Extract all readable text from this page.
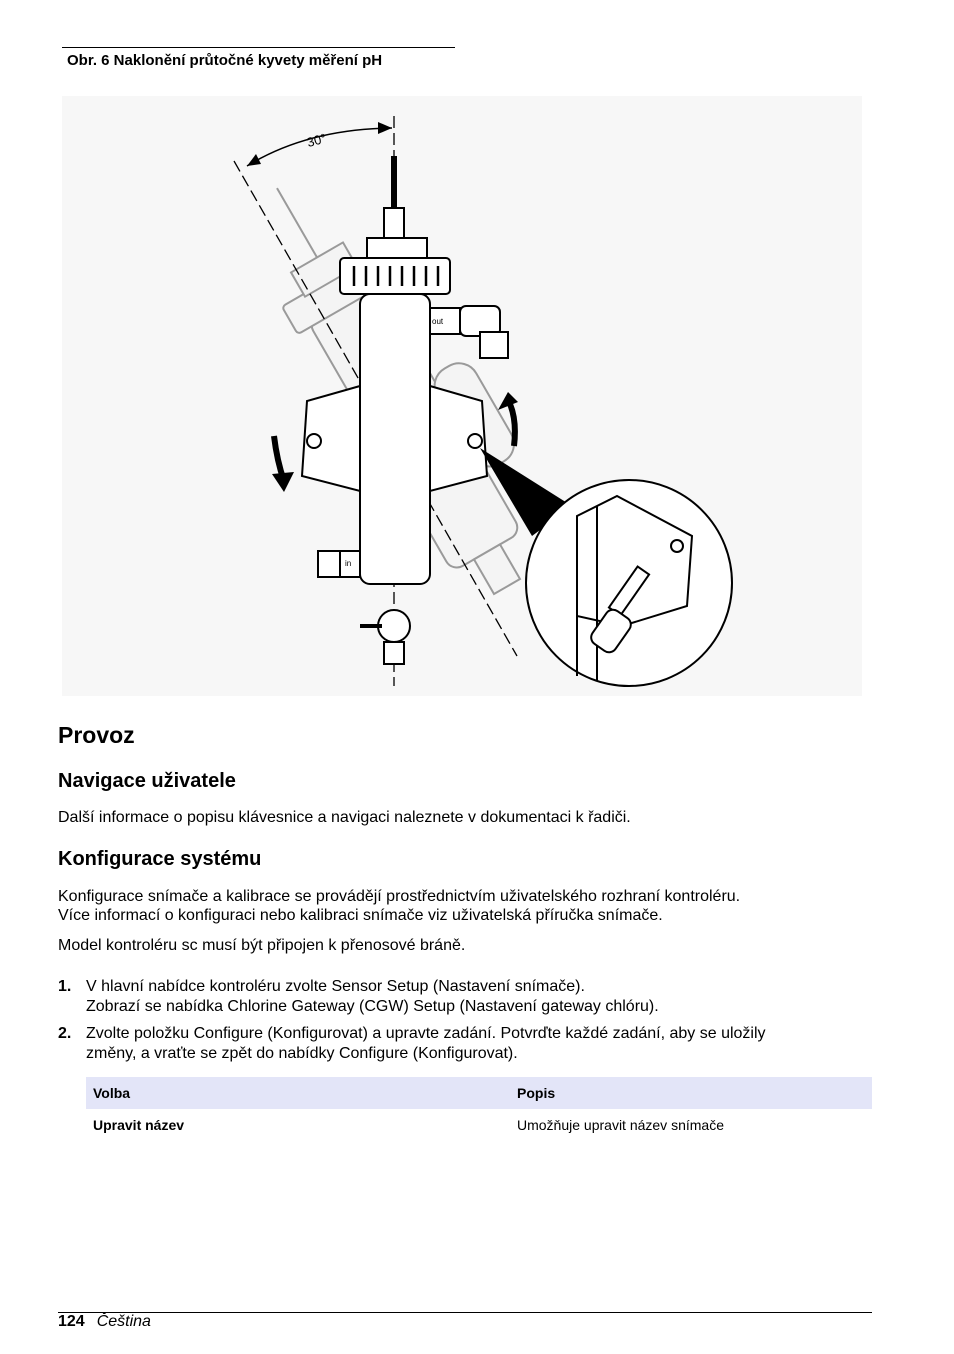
Obr. 6 Naklonění průtočné kyvety měření pH
30°
out
in
Provoz
Navigace uživatele
Další informace o popisu klávesnice a navigaci naleznete v dokumentaci k řadiči.
Konfigurace systému
Konfigurace snímače a kalibrace se provádějí prostřednictvím uživatelského rozhraní kontroléru.
Více informací o konfiguraci nebo kalibraci snímače viz uživatelská příručka snímače.
Model kontroléru sc musí být připojen k přenosové bráně.
1. V hlavní nabídce kontroléru zvolte Sensor Setup (Nastavení snímače).
Zobrazí se nabídka Chlorine Gateway (CGW) Setup (Nastavení gateway chlóru).
2. Zvolte položku Configure (Konfigurovat) a upravte zadání. Potvrďte každé zadání, aby se uložily
změny, a vraťte se zpět do nabídky Configure (Konfigurovat).
Volba	Popis
Upravit název	Umožňuje upravit název snímače
124 Čeština
